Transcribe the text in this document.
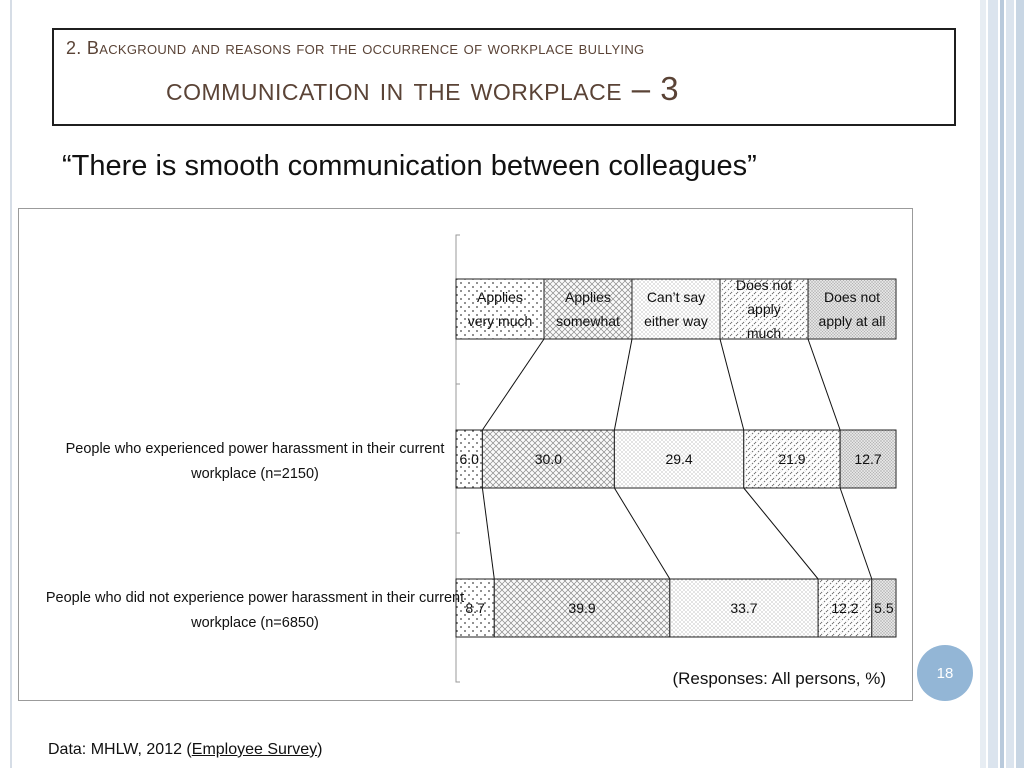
2. Background and reasons for the occurrence of workplace bullying
communication in the workplace – 3
“There is smooth communication between colleagues”
Applies
very much
Applies
somewhat
Can’t say
either way
Does not
apply
much
Does not
apply at all
6.0	30.0	29.4	21.9	12.7
People who experienced power harassment in their current
workplace (n=2150)
8.7	39.9	33.7	12.2 5.5
People who did not experience power harassment in their current
workplace (n=6850)
(Responses: All persons, %)	18
Data: MHLW, 2012 (Employee Survey)
